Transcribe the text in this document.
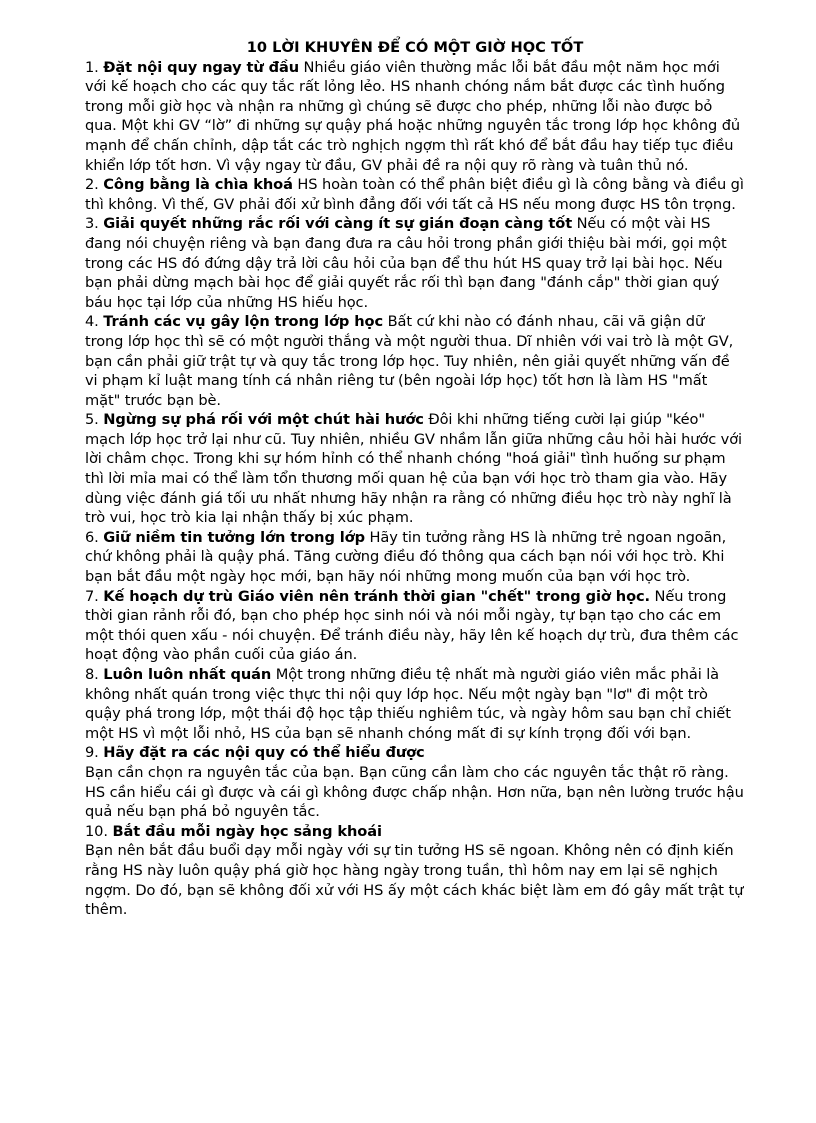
10 LỜI KHUYÊN ĐỂ CÓ MỘT GIỜ HỌC TỐT

1. Đặt nội quy ngay từ đầu Nhiều giáo viên thường mắc lỗi bắt đầu một năm học mới với kế hoạch cho các quy tắc rất lỏng lẻo. HS nhanh chóng nắm bắt được các tình huống trong mỗi giờ học và nhận ra những gì chúng sẽ được cho phép, những lỗi nào được bỏ qua. Một khi GV “lờ” đi những sự quậy phá hoặc những nguyên tắc trong lớp học không đủ mạnh để chấn chỉnh, dập tắt các trò nghịch ngợm thì rất khó để bắt đầu hay tiếp tục điều khiển lớp tốt hơn. Vì vậy ngay từ đầu, GV phải đề ra nội quy rõ ràng và tuân thủ nó.

2. Công bằng là chìa khoá HS hoàn toàn có thể phân biệt điều gì là công bằng và điều gì thì không. Vì thế, GV phải đối xử bình đẳng đối với tất cả HS nếu mong được HS tôn trọng.

3. Giải quyết những rắc rối với càng ít sự gián đoạn càng tốt Nếu có một vài HS đang nói chuyện riêng và bạn đang đưa ra câu hỏi trong phần giới thiệu bài mới, gọi một trong các HS đó đứng dậy trả lời câu hỏi của bạn để thu hút HS quay trở lại bài học. Nếu bạn phải dừng mạch bài học để giải quyết rắc rối thì bạn đang "đánh cắp" thời gian quý báu học tại lớp của những HS hiếu học.

4. Tránh các vụ gây lộn trong lớp học Bất cứ khi nào có đánh nhau, cãi vã giận dữ trong lớp học thì sẽ có một người thắng và một người thua. Dĩ nhiên với vai trò là một GV, bạn cần phải giữ trật tự và quy tắc trong lớp học. Tuy nhiên, nên giải quyết những vấn đề vi phạm kỉ luật mang tính cá nhân riêng tư (bên ngoài lớp học) tốt hơn là làm HS "mất mặt" trước bạn bè.

5. Ngừng sự phá rối với một chút hài hước Đôi khi những tiếng cười lại giúp "kéo" mạch lớp học trở lại như cũ. Tuy nhiên, nhiều GV nhầm lẫn giữa những câu hỏi hài hước với lời châm chọc. Trong khi sự hóm hỉnh có thể nhanh chóng "hoá giải" tình huống sư phạm thì lời mỉa mai có thể làm tổn thương mối quan hệ của bạn với học trò tham gia vào. Hãy dùng việc đánh giá tối ưu nhất nhưng hãy nhận ra rằng có những điều học trò này nghĩ là trò vui, học trò kia lại nhận thấy bị xúc phạm.

6. Giữ niềm tin tưởng lớn trong lớp Hãy tin tưởng rằng HS là những trẻ ngoan ngoãn, chứ không phải là quậy phá. Tăng cường điều đó thông qua cách bạn nói với học trò. Khi bạn bắt đầu một ngày học mới, bạn hãy nói những mong muốn của bạn với học trò.

7. Kế hoạch dự trù Giáo viên nên tránh thời gian "chết" trong giờ học. Nếu trong thời gian rảnh rỗi đó, bạn cho phép học sinh nói và nói mỗi ngày, tự bạn tạo cho các em một thói quen xấu - nói chuyện. Để tránh điều này, hãy lên kế hoạch dự trù, đưa thêm các hoạt động vào phần cuối của giáo án.

8. Luôn luôn nhất quán Một trong những điều tệ nhất mà người giáo viên mắc phải là không nhất quán trong việc thực thi nội quy lớp học. Nếu một ngày bạn "lơ" đi một trò quậy phá trong lớp, một thái độ học tập thiếu nghiêm túc, và ngày hôm sau bạn chỉ chiết một HS vì một lỗi nhỏ, HS của bạn sẽ nhanh chóng mất đi sự kính trọng đối với bạn.

9. Hãy đặt ra các nội quy có thể hiểu được
Bạn cần chọn ra nguyên tắc của bạn. Bạn cũng cần làm cho các nguyên tắc thật rõ ràng. HS cần hiểu cái gì được và cái gì không được chấp nhận. Hơn nữa, bạn nên lường trước hậu quả nếu bạn phá bỏ nguyên tắc.

10. Bắt đầu mỗi ngày học sảng khoái
Bạn nên bắt đầu buổi dạy mỗi ngày với sự tin tưởng HS sẽ ngoan. Không nên có định kiến rằng HS này luôn quậy phá giờ học hàng ngày trong tuần, thì hôm nay em lại sẽ nghịch ngợm. Do đó, bạn sẽ không đối xử với HS ấy một cách khác biệt làm em đó gây mất trật tự thêm.
